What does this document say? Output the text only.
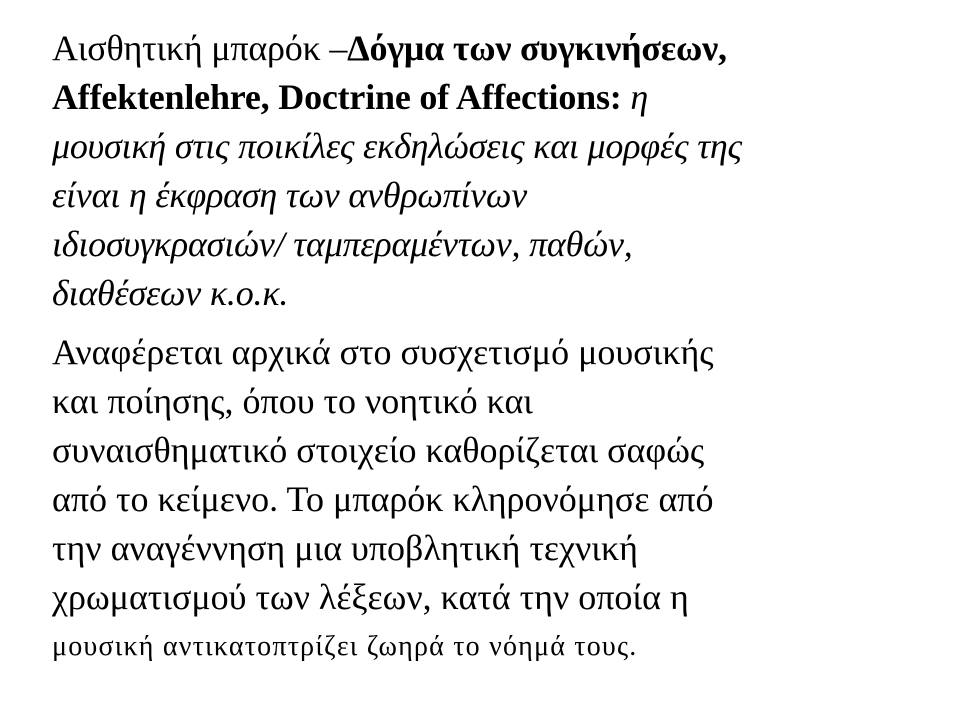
Αισθητική μπαρόκ –Δόγμα των συγκινήσεων,
Affektenlehre, Doctrine of Affections: η
μουσική στις ποικίλες εκδηλώσεις και μορφές της
είναι η έκφραση των ανθρωπίνων
ιδιοσυγκρασιών/ ταμπεραμέντων, παθών,
διαθέσεων κ.ο.κ.

Αναφέρεται αρχικά στο συσχετισμό μουσικής
και ποίησης, όπου το νοητικό και
συναισθηματικό στοιχείο καθορίζεται σαφώς
από το κείμενο. Το μπαρόκ κληρονόμησε από
την αναγέννηση μια υποβλητική τεχνική
χρωματισμού των λέξεων, κατά την οποία η
μουσική αντικατοπτρίζει ζωηρά το νόημά τους.
